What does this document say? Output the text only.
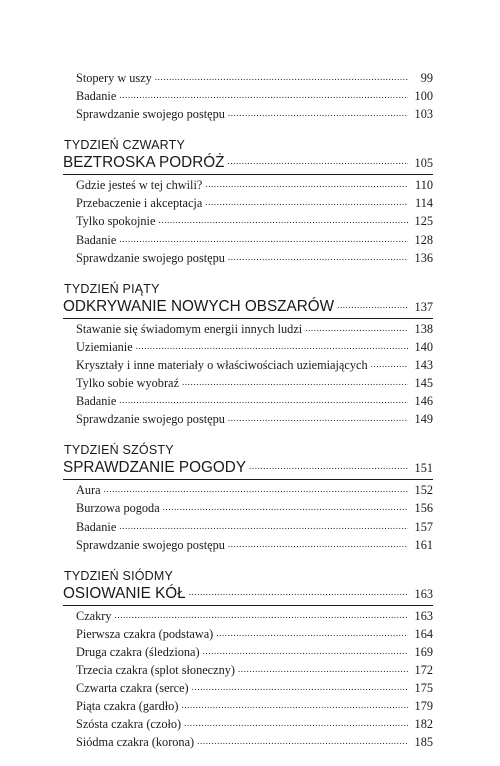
Stopery w uszy .....	99
Badanie .....	100
Sprawdzanie swojego postępu .....	103
TYDZIEŃ CZWARTY
BEZTROSKA PODRÓŻ .....	105
Gdzie jesteś w tej chwili? .....	110
Przebaczenie i akceptacja .....	114
Tylko spokojnie .....	125
Badanie .....	128
Sprawdzanie swojego postępu .....	136
TYDZIEŃ PIĄTY
ODKRYWANIE NOWYCH OBSZARÓW .....	137
Stawanie się świadomym energii innych ludzi .....	138
Uziemianie .....	140
Kryształy i inne materiały o właściwościach uziemiających .....	143
Tylko sobie wyobraź .....	145
Badanie .....	146
Sprawdzanie swojego postępu .....	149
TYDZIEŃ SZÓSTY
SPRAWDZANIE POGODY .....	151
Aura .....	152
Burzowa pogoda .....	156
Badanie .....	157
Sprawdzanie swojego postępu .....	161
TYDZIEŃ SIÓDMY
OSIOWANIE KÓŁ .....	163
Czakry .....	163
Pierwsza czakra (podstawa) .....	164
Druga czakra (śledziona) .....	169
Trzecia czakra (splot słoneczny) .....	172
Czwarta czakra (serce) .....	175
Piąta czakra (gardło) .....	179
Szósta czakra (czoło) .....	182
Siódma czakra (korona) .....	185
